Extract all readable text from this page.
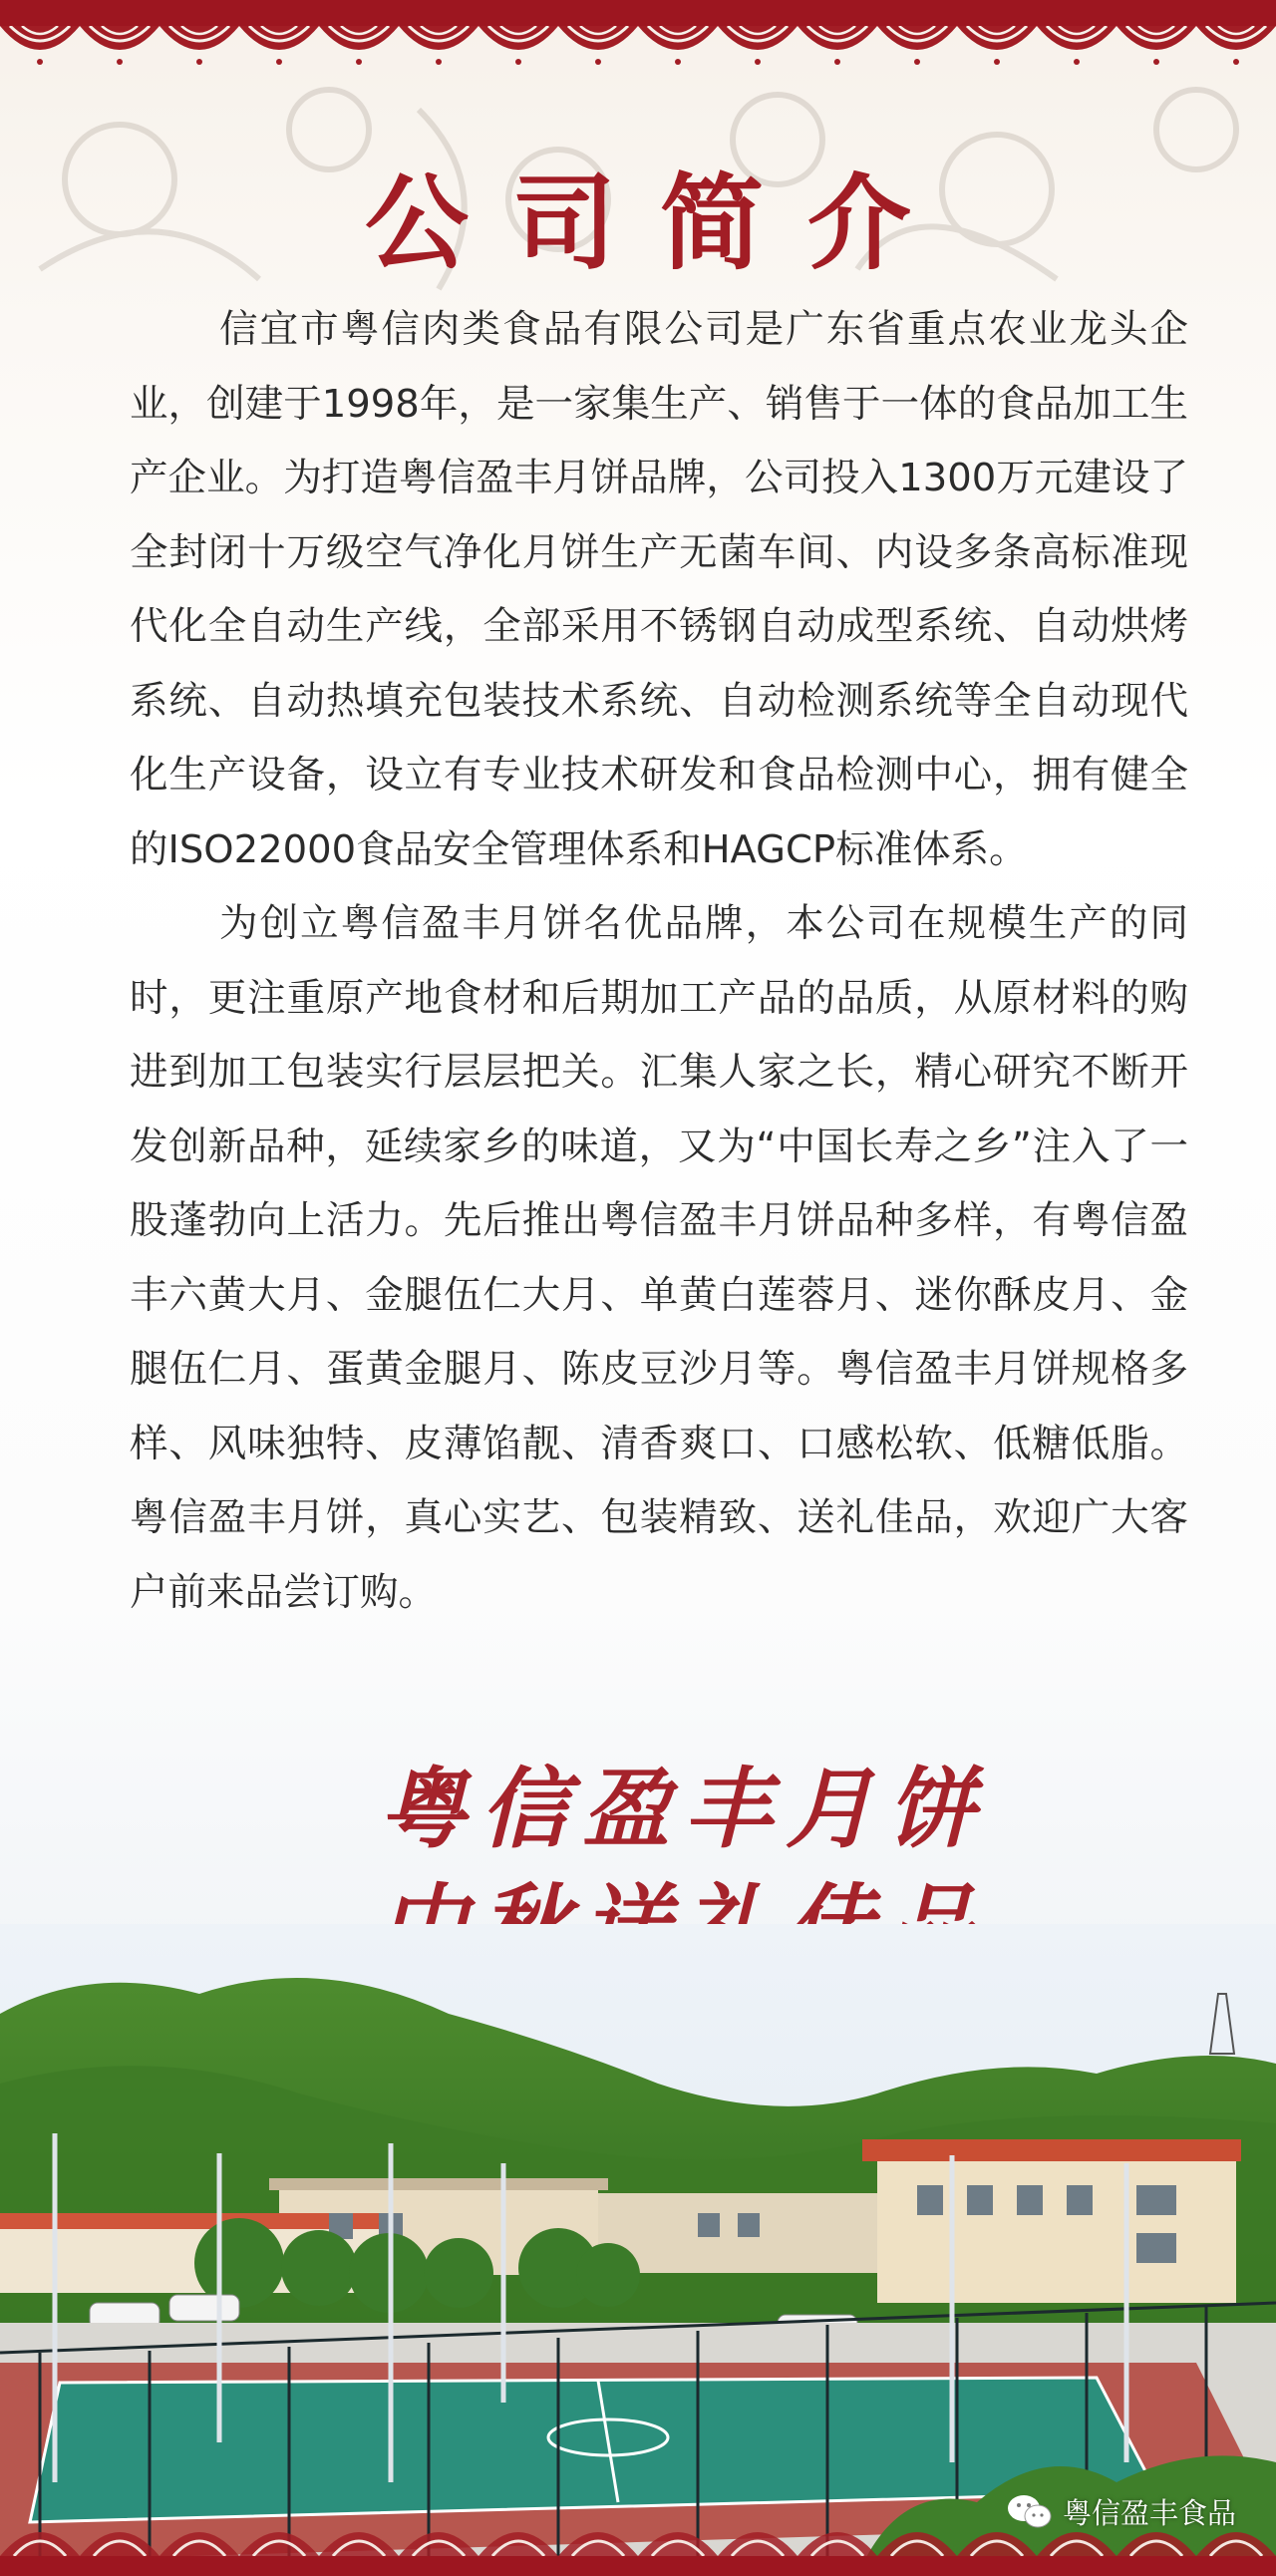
公司简介

信宜市粤信肉类食品有限公司是广东省重点农业龙头企业，创建于1998年，是一家集生产、销售于一体的食品加工生产企业。为打造粤信盈丰月饼品牌，公司投入1300万元建设了全封闭十万级空气净化月饼生产无菌车间、内设多条高标准现代化全自动生产线，全部采用不锈钢自动成型系统、自动烘烤系统、自动热填充包装技术系统、自动检测系统等全自动现代化生产设备，设立有专业技术研发和食品检测中心，拥有健全的ISO22000食品安全管理体系和HAGCP标准体系。

为创立粤信盈丰月饼名优品牌，本公司在规模生产的同时，更注重原产地食材和后期加工产品的品质，从原材料的购进到加工包装实行层层把关。汇集人家之长，精心研究不断开发创新品种，延续家乡的味道，又为“中国长寿之乡”注入了一股蓬勃向上活力。先后推出粤信盈丰月饼品种多样，有粤信盈丰六黄大月、金腿伍仁大月、单黄白莲蓉月、迷你酥皮月、金腿伍仁月、蛋黄金腿月、陈皮豆沙月等。粤信盈丰月饼规格多样、风味独特、皮薄馅靓、清香爽口、口感松软、低糖低脂。粤信盈丰月饼，真心实艺、包装精致、送礼佳品，欢迎广大客户前来品尝订购。

粤信盈丰月饼
粤信盈丰食品
